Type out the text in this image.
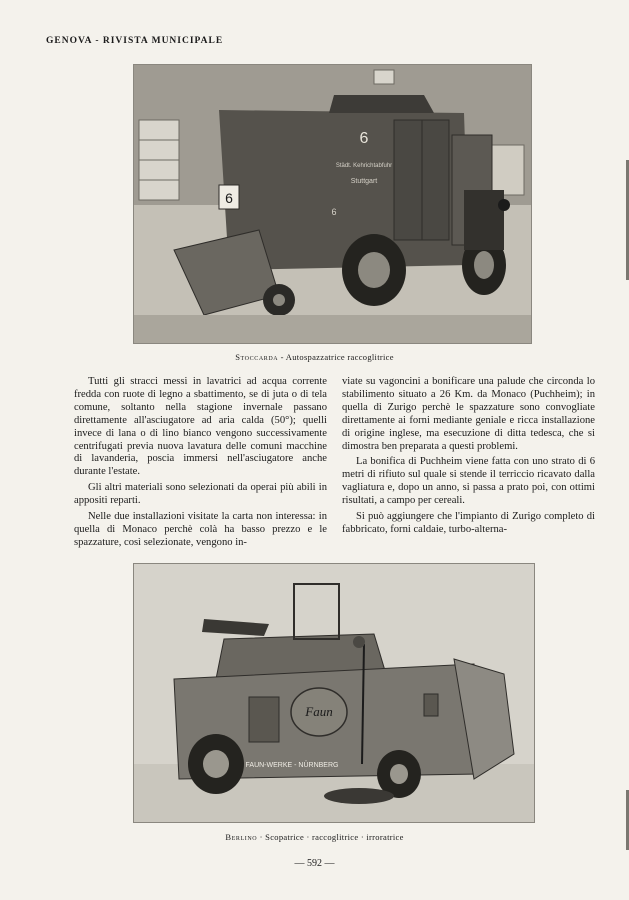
GENOVA - RIVISTA MUNICIPALE
6
6
Städt. Kehrichtabfuhr
Stuttgart
6
Stoccarda - Autospazzatrice raccoglitrice

Tutti gli stracci messi in lavatrici ad acqua corrente fredda con ruote di legno a sbattimento, se di juta o di tela comune, soltanto nella stagione invernale passano direttamente all'asciugatore ad aria calda (50°); quelli invece di lana o di lino bianco vengono successivamente centrifugati previa nuova lavatura delle comuni macchine di lavanderia, poscia immersi nell'asciugatore anche durante l'estate.

Gli altri materiali sono selezionati da operai più abili in appositi reparti.

Nelle due installazioni visitate la carta non interessa: in quella di Monaco perchè colà ha basso prezzo e le spazzature, così selezionate, vengono in-

viate su vagoncini a bonificare una palude che circonda lo stabilimento situato a 26 Km. da Monaco (Puchheim); in quella di Zurigo perchè le spazzature sono convogliate direttamente ai forni mediante geniale e ricca installazione di origine inglese, ma esecuzione di ditta tedesca, che si dimostra ben preparata a questi problemi.

La bonifica di Puchheim viene fatta con uno strato di 6 metri di rifiuto sul quale si stende il terriccio ricavato dalla vagliatura e, dopo un anno, si passa a prato poi, con ottimi risultati, a campo per cereali.

Si può aggiungere che l'impianto di Zurigo completo di fabbricato, forni caldaie, turbo-alterna-

Faun
FAUN-WERKE - NÜRNBERG
Berlino · Scopatrice · raccoglitrice · irroratrice
— 592 —
